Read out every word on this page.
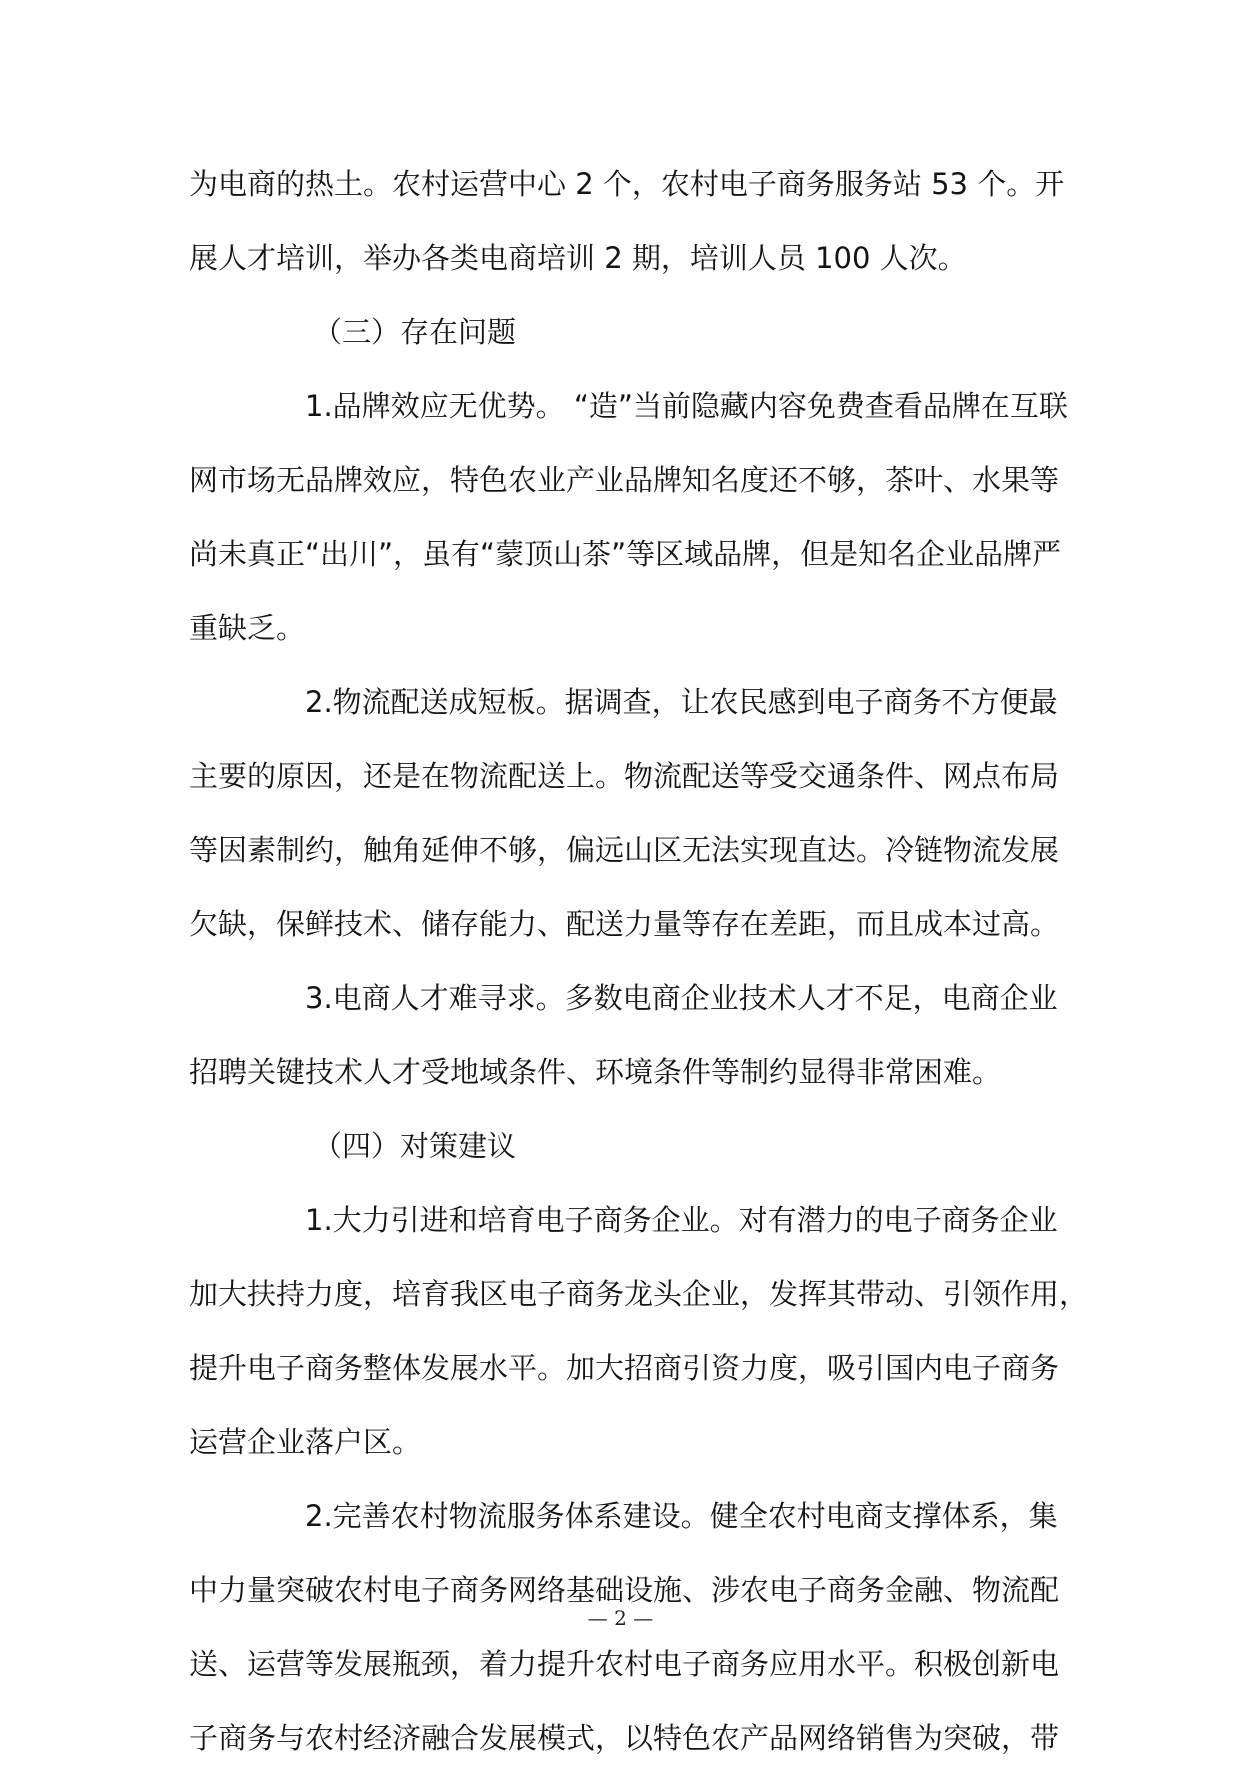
为电商的热土。农村运营中心 2 个，农村电子商务服务站 53 个。开
展人才培训，举办各类电商培训 2 期，培训人员 100 人次。
（三）存在问题
1.品牌效应无优势。 “造”当前隐藏内容免费查看品牌在互联
网市场无品牌效应，特色农业产业品牌知名度还不够，茶叶、水果等
尚未真正“出川”，虽有“蒙顶山茶”等区域品牌，但是知名企业品牌严
重缺乏。
2.物流配送成短板。据调查，让农民感到电子商务不方便最
主要的原因，还是在物流配送上。物流配送等受交通条件、网点布局
等因素制约，触角延伸不够，偏远山区无法实现直达。冷链物流发展
欠缺，保鲜技术、储存能力、配送力量等存在差距，而且成本过高。
3.电商人才难寻求。多数电商企业技术人才不足，电商企业
招聘关键技术人才受地域条件、环境条件等制约显得非常困难。
（四）对策建议
1.大力引进和培育电子商务企业。对有潜力的电子商务企业
加大扶持力度，培育我区电子商务龙头企业，发挥其带动、引领作用，
提升电子商务整体发展水平。加大招商引资力度，吸引国内电子商务
运营企业落户区。
2.完善农村物流服务体系建设。健全农村电商支撑体系，集
中力量突破农村电子商务网络基础设施、涉农电子商务金融、物流配
送、运营等发展瓶颈，着力提升农村电子商务应用水平。积极创新电
子商务与农村经济融合发展模式，以特色农产品网络销售为突破，带
— 2 —
